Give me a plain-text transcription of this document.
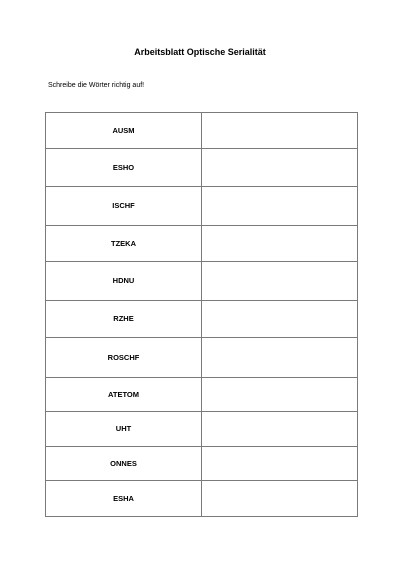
Arbeitsblatt Optische Serialität
Schreibe die Wörter richtig auf!
AUSM	
ESHO	
ISCHF	
TZEKA	
HDNU	
RZHE	
ROSCHF	
ATETOM	
UHT	
ONNES	
ESHA	
